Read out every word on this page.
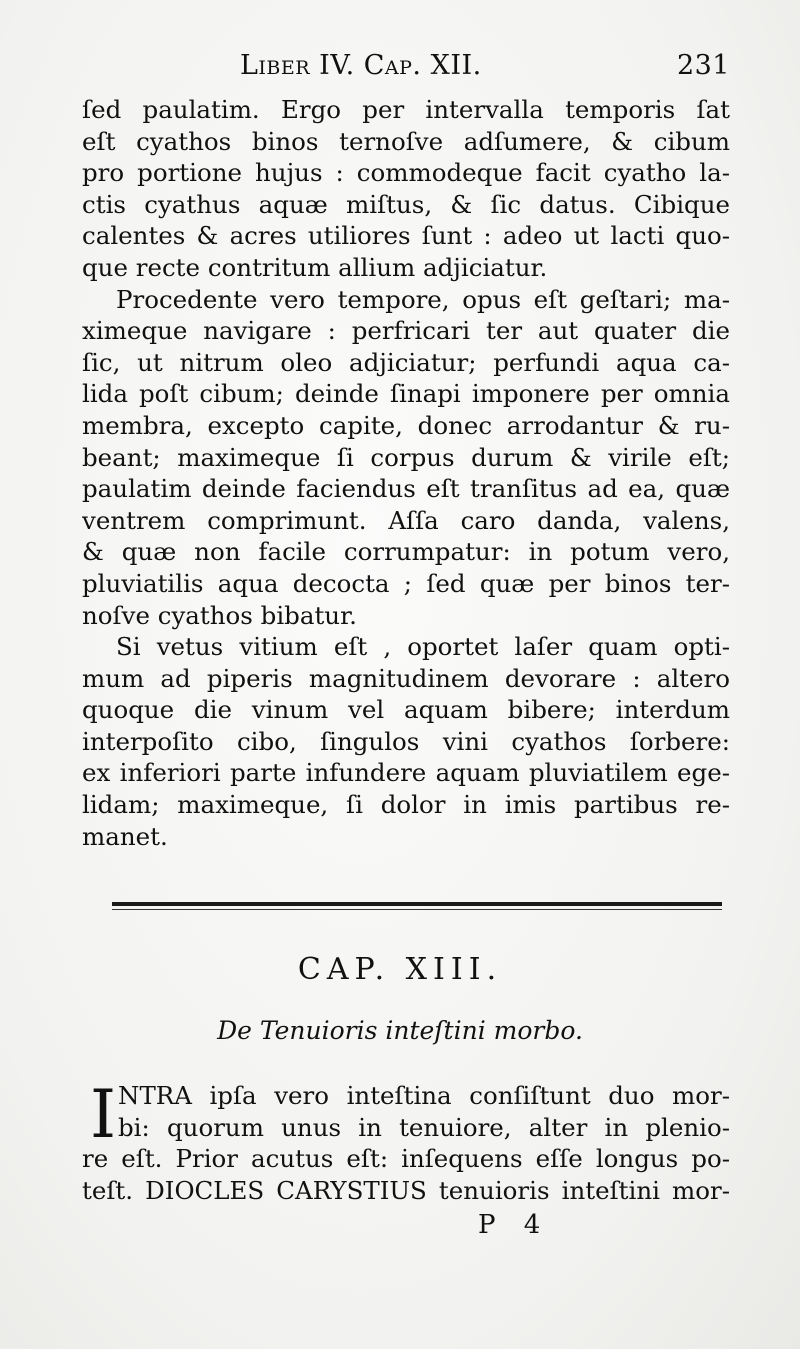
Liber IV. Cap. XII.	231
ſed paulatim. Ergo per intervalla temporis ſat
eſt cyathos binos ternoſve adſumere, & cibum
pro portione hujus : commodeque facit cyatho la-
ctis cyathus aquæ miſtus, & ſic datus. Cibique
calentes & acres utiliores ſunt : adeo ut lacti quo-
que recte contritum allium adjiciatur.
Procedente vero tempore, opus eſt geſtari; ma-
ximeque navigare : perfricari ter aut quater die
ſic, ut nitrum oleo adjiciatur; perfundi aqua ca-
lida poſt cibum; deinde ſinapi imponere per omnia
membra, excepto capite, donec arrodantur & ru-
beant; maximeque ſi corpus durum & virile eſt;
paulatim deinde faciendus eſt tranſitus ad ea, quæ
ventrem comprimunt. Aſſa caro danda, valens,
& quæ non facile corrumpatur: in potum vero,
pluviatilis aqua decocta ; ſed quæ per binos ter-
noſve cyathos bibatur.
Si vetus vitium eſt , oportet laſer quam opti-
mum ad piperis magnitudinem devorare : altero
quoque die vinum vel aquam bibere; interdum
interpoſito cibo, ſingulos vini cyathos ſorbere:
ex inferiori parte infundere aquam pluviatilem ege-
lidam; maximeque, ſi dolor in imis partibus re-
manet.
CAP. XIII.
De Tenuioris inteſtini morbo.
I NTRA ipſa vero inteſtina conſiſtunt duo mor-
bi: quorum unus in tenuiore, alter in plenio-
re eſt. Prior acutus eſt: inſequens eſſe longus po-
teſt. DIOCLES CARYSTIUS tenuioris inteſtini mor-
P 4
